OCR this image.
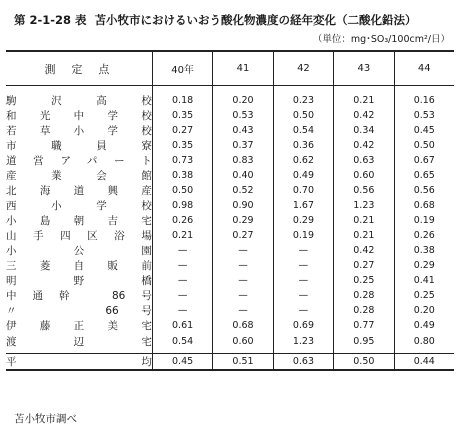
第 2-1-28 表 苫小牧市におけるいおう酸化物濃度の経年変化（二酸化鉛法）
（単位：mg･SO₃/100cm²/日）
測定点	40年	41	42	43	44
駒沢高校	0.18	0.20	0.23	0.21	0.16
和光中学校	0.35	0.53	0.50	0.42	0.53
若草小学校	0.27	0.43	0.54	0.34	0.45
市職員寮	0.35	0.37	0.36	0.42	0.50
道営アパート	0.73	0.83	0.62	0.63	0.67
産業会館	0.38	0.40	0.49	0.60	0.65
北海道興産	0.50	0.52	0.70	0.56	0.56
西小学校	0.98	0.90	1.67	1.23	0.68
小島朝吉宅	0.26	0.29	0.29	0.21	0.19
山手四区浴場	0.21	0.27	0.19	0.21	0.26
小公園	—	—	—	0.42	0.38
三菱自販前	—	—	—	0.27	0.29
明野橋	—	—	—	0.25	0.41
中通幹　86号	—	—	—	0.28	0.25
〃　　66号	—	—	—	0.28	0.20
伊藤正美宅	0.61	0.68	0.69	0.77	0.49
渡辺宅	0.54	0.60	1.23	0.95	0.80
平均	0.45	0.51	0.63	0.50	0.44
苫小牧市調べ
